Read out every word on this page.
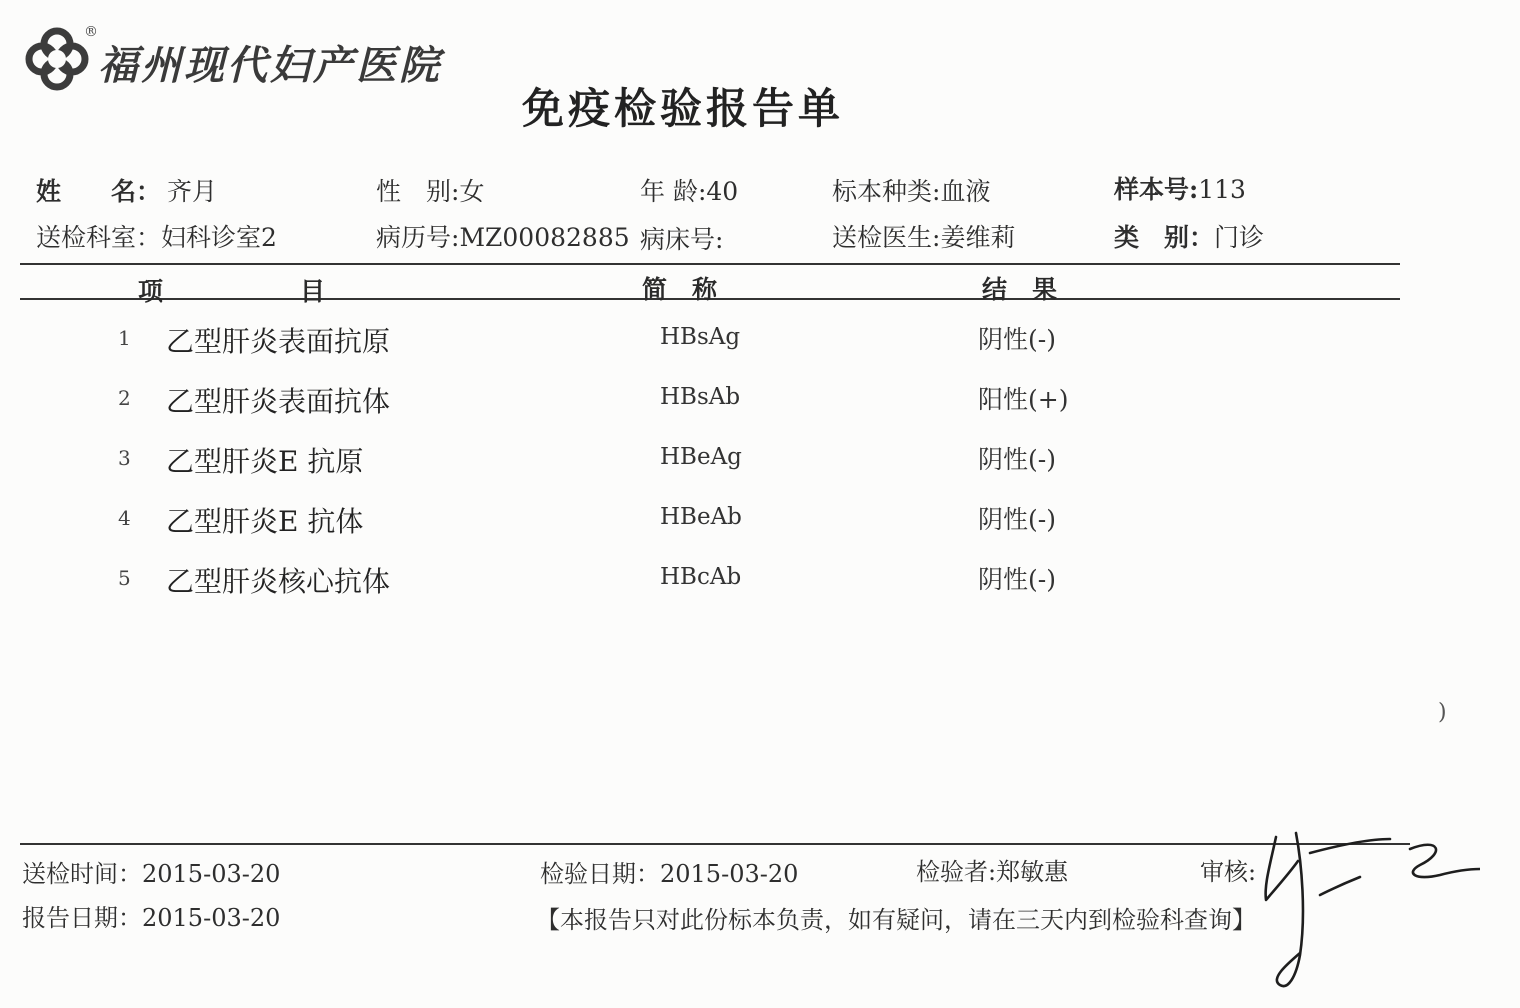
®
福州现代妇产医院
免疫检验报告单
姓　　名： 齐月	性　别:女	年 龄:40	标本种类:血液	样本号:113
送检科室：妇科诊室2	病历号:MZ00082885 病床号:	送检医生:姜维莉	类　别：门诊
项　　　　　目	简　称	结　果
1 乙型肝炎表面抗原	HBsAg	阴性(-)
2 乙型肝炎表面抗体	HBsAb	阳性(+)
3 乙型肝炎E 抗原	HBeAg	阴性(-)
4 乙型肝炎E 抗体	HBeAb	阴性(-)
5 乙型肝炎核心抗体	HBcAb	阴性(-)
)
送检时间：2015-03-20
报告日期：2015-03-20
检验日期：2015-03-20	检验者:郑敏惠	审核:
【本报告只对此份标本负责，如有疑问，请在三天内到检验科查询】
